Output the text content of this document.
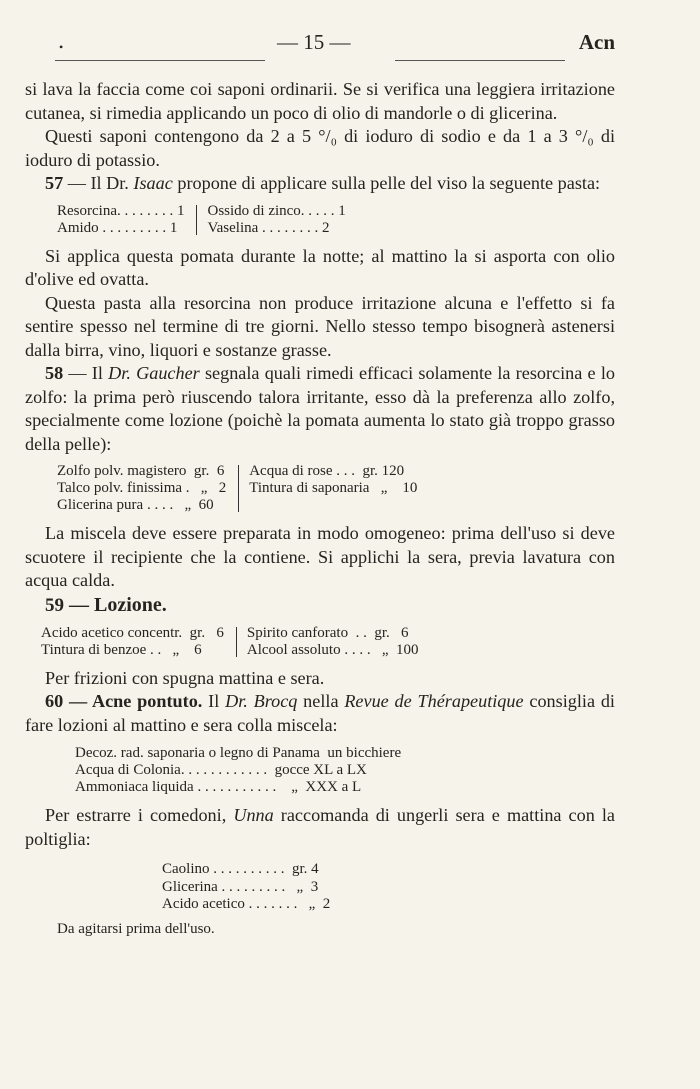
•	— 15 —	Acn

si lava la faccia come coi saponi ordinarii. Se si verifica una leggiera irritazione cutanea, si rimedia applicando un poco di olio di mandorle o di glicerina.

Questi saponi contengono da 2 a 5 °/₀ di ioduro di sodio e da 1 a 3 °/₀ di ioduro di potassio.

57 — Il Dr. Isaac propone di applicare sulla pelle del viso la seguente pasta:

Resorcina. . . . . . . . 1
Amido . . . . . . . . . 1
Ossido di zinco. . . . . 1
Vaselina . . . . . . . . 2

Si applica questa pomata durante la notte; al mattino la si asporta con olio d'olive ed ovatta.

Questa pasta alla resorcina non produce irritazione alcuna e l'effetto si fa sentire spesso nel termine di tre giorni. Nello stesso tempo bisognerà astenersi dalla birra, vino, liquori e sostanze grasse.

58 — Il Dr. Gaucher segnala quali rimedi efficaci solamente la resorcina e lo zolfo: la prima però riuscendo talora irritante, esso dà la preferenza allo zolfo, specialmente come lozione (poichè la pomata aumenta lo stato già troppo grasso della pelle):

Zolfo polv. magistero  gr.  6
Talco polv. finissima .   „   2
Glicerina pura . . . .   „  60
Acqua di rose . . .  gr. 120
Tintura di saponaria   „    10

La miscela deve essere preparata in modo omogeneo: prima dell'uso si deve scuotere il recipiente che la contiene. Si applichi la sera, previa lavatura con acqua calda.

59 — Lozione.

Acido acetico concentr.  gr.   6
Tintura di benzoe . .   „    6
Spirito canforato  . .  gr.   6
Alcool assoluto . . . .   „  100

Per frizioni con spugna mattina e sera.

60 — Acne pontuto. Il Dr. Brocq nella Revue de Thérapeutique consiglia di fare lozioni al mattino e sera colla miscela:

Decoz. rad. saponaria o legno di Panama  un bicchiere
Acqua di Colonia. . . . . . . . . . . .  gocce XL a LX
Ammoniaca liquida . . . . . . . . . . .    „  XXX a L

Per estrarre i comedoni, Unna raccomanda di ungerli sera e mattina con la poltiglia:

Caolino . . . . . . . . . .  gr. 4
Glicerina . . . . . . . . .   „  3
Acido acetico . . . . . . .   „  2
Da agitarsi prima dell'uso.
